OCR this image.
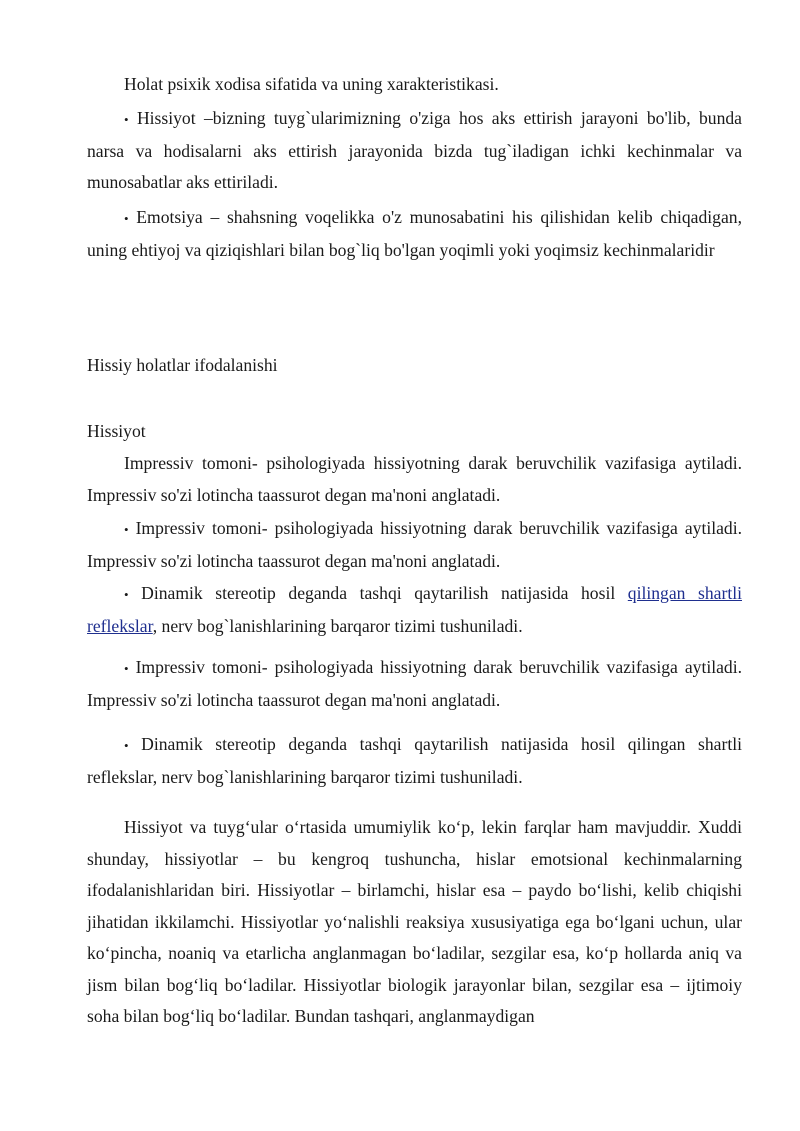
Holat psixik xodisa sifatida va uning xarakteristikasi.

• Hissiyot –bizning tuyg`ularimizning o'ziga hos aks ettirish jarayoni bo'lib, bunda narsa va hodisalarni aks ettirish jarayonida bizda tug`iladigan ichki kechinmalar va munosabatlar aks ettiriladi.

• Emotsiya – shahsning voqelikka o'z munosabatini his qilishidan kelib chiqadigan, uning ehtiyoj va qiziqishlari bilan bog`liq bo'lgan yoqimli yoki yoqimsiz kechinmalaridir

Hissiy holatlar ifodalanishi

Hissiyot

Impressiv tomoni- psihologiyada hissiyotning darak beruvchilik vazifasiga aytiladi. Impressiv so'zi lotincha taassurot degan ma'noni anglatadi.

• Impressiv tomoni- psihologiyada hissiyotning darak beruvchilik vazifasiga aytiladi. Impressiv so'zi lotincha taassurot degan ma'noni anglatadi.

• Dinamik stereotip deganda tashqi qaytarilish natijasida hosil qilingan shartli reflekslar, nerv bog`lanishlarining barqaror tizimi tushuniladi.

• Impressiv tomoni- psihologiyada hissiyotning darak beruvchilik vazifasiga aytiladi. Impressiv so'zi lotincha taassurot degan ma'noni anglatadi.

• Dinamik stereotip deganda tashqi qaytarilish natijasida hosil qilingan shartli reflekslar, nerv bog`lanishlarining barqaror tizimi tushuniladi.

Hissiyot va tuyg‘ular o‘rtasida umumiylik ko‘p, lekin farqlar ham mavjuddir. Xuddi shunday, hissiyotlar – bu kengroq tushuncha, hislar emotsional kechinmalarning ifodalanishlaridan biri. Hissiyotlar – birlamchi, hislar esa – paydo bo‘lishi, kelib chiqishi jihatidan ikkilamchi. Hissiyotlar yo‘nalishli reaksiya xususiyatiga ega bo‘lgani uchun, ular ko‘pincha, noaniq va etarlicha anglanmagan bo‘ladilar, sezgilar esa, ko‘p hollarda aniq va jism bilan bog‘liq bo‘ladilar. Hissiyotlar biologik jarayonlar bilan, sezgilar esa – ijtimoiy soha bilan bog‘liq bo‘ladilar. Bundan tashqari, anglanmaydigan
